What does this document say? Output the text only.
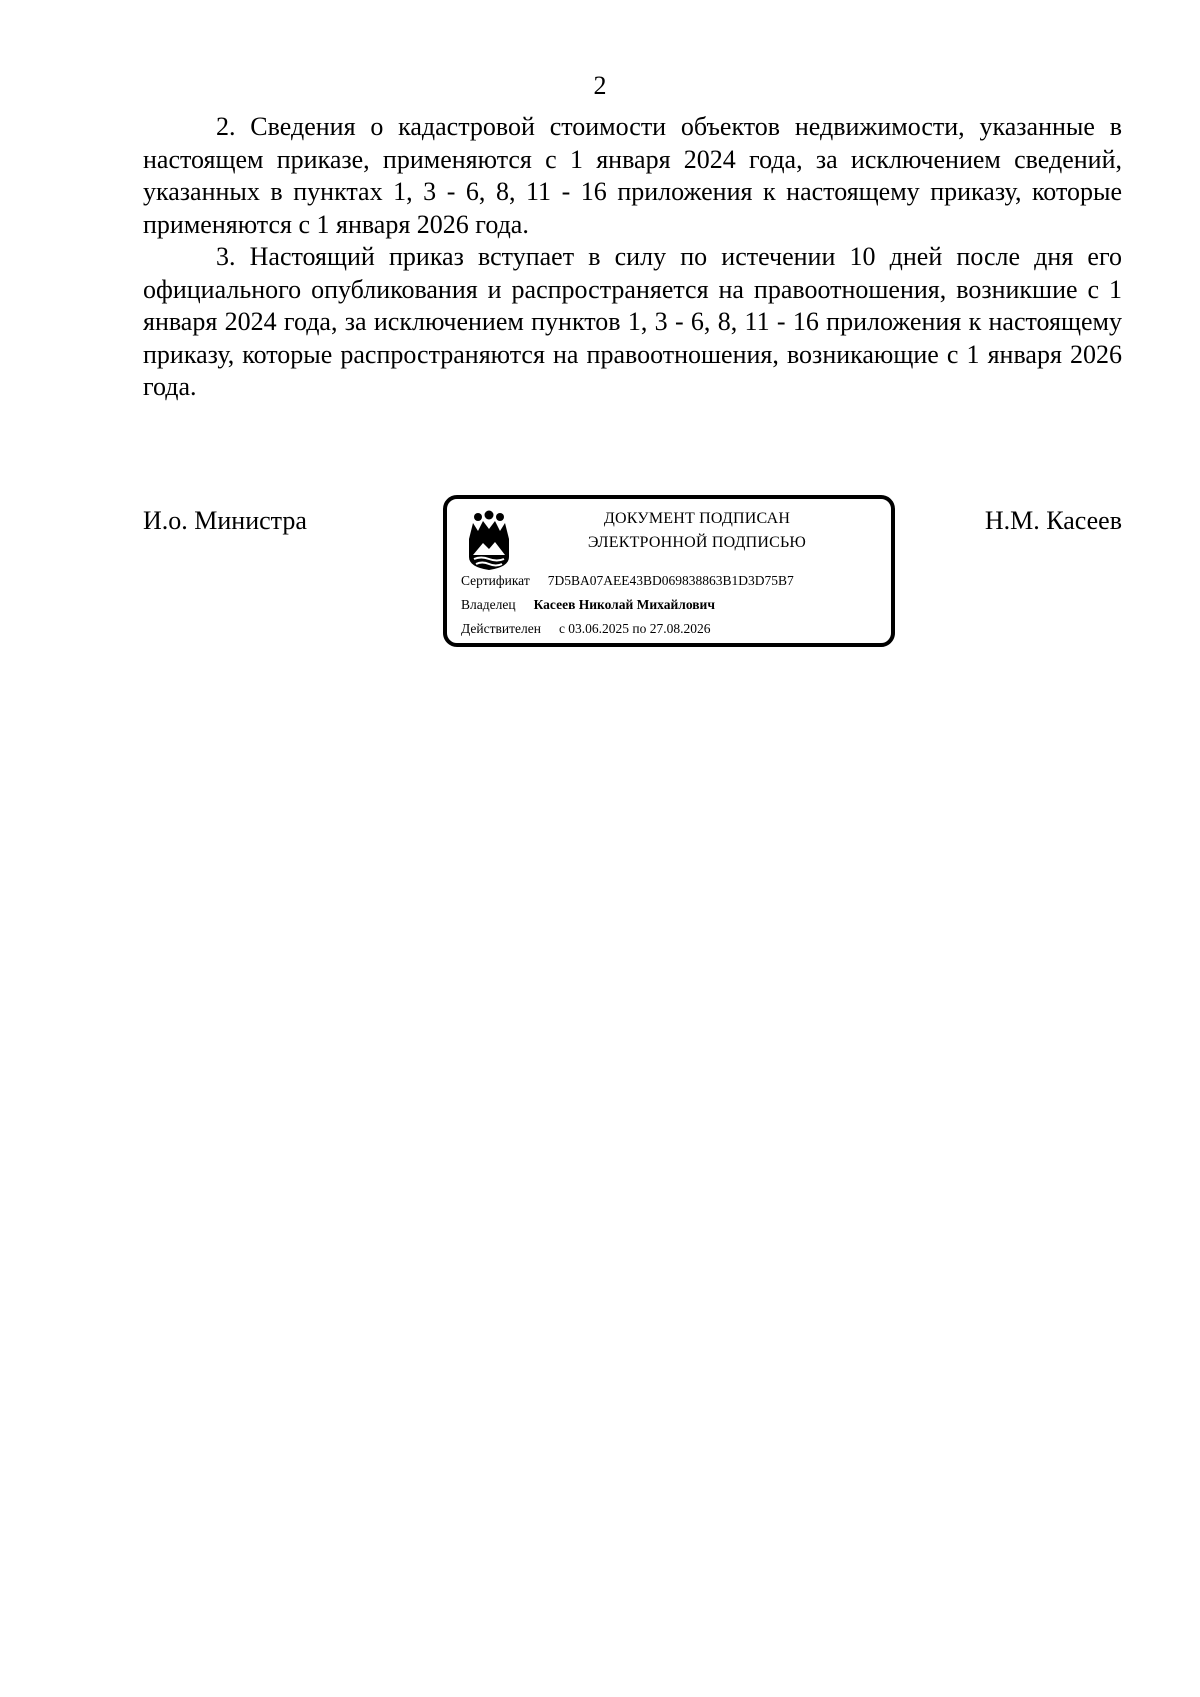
2

2. Сведения о кадастровой стоимости объектов недвижимости, указанные в настоящем приказе, применяются с 1 января 2024 года, за исключением сведений, указанных в пунктах 1, 3 - 6, 8, 11 - 16 приложения к настоящему приказу, которые применяются с 1 января 2026 года.

3. Настоящий приказ вступает в силу по истечении 10 дней после дня его официального опубликования и распространяется на правоотношения, возникшие с 1 января 2024 года, за исключением пунктов 1, 3 - 6, 8, 11 - 16 приложения к настоящему приказу, которые распространяются на правоотношения, возникающие с 1 января 2026 года.

И.о. Министра	ДОКУМЕНТ ПОДПИСАН
ЭЛЕКТРОННОЙ ПОДПИСЬЮ
Сертификат 7D5BA07AEE43BD069838863B1D3D75B7
Владелец Касеев Николай Михайлович
Действителен с 03.06.2025 по 27.08.2026
Н.М. Касеев
